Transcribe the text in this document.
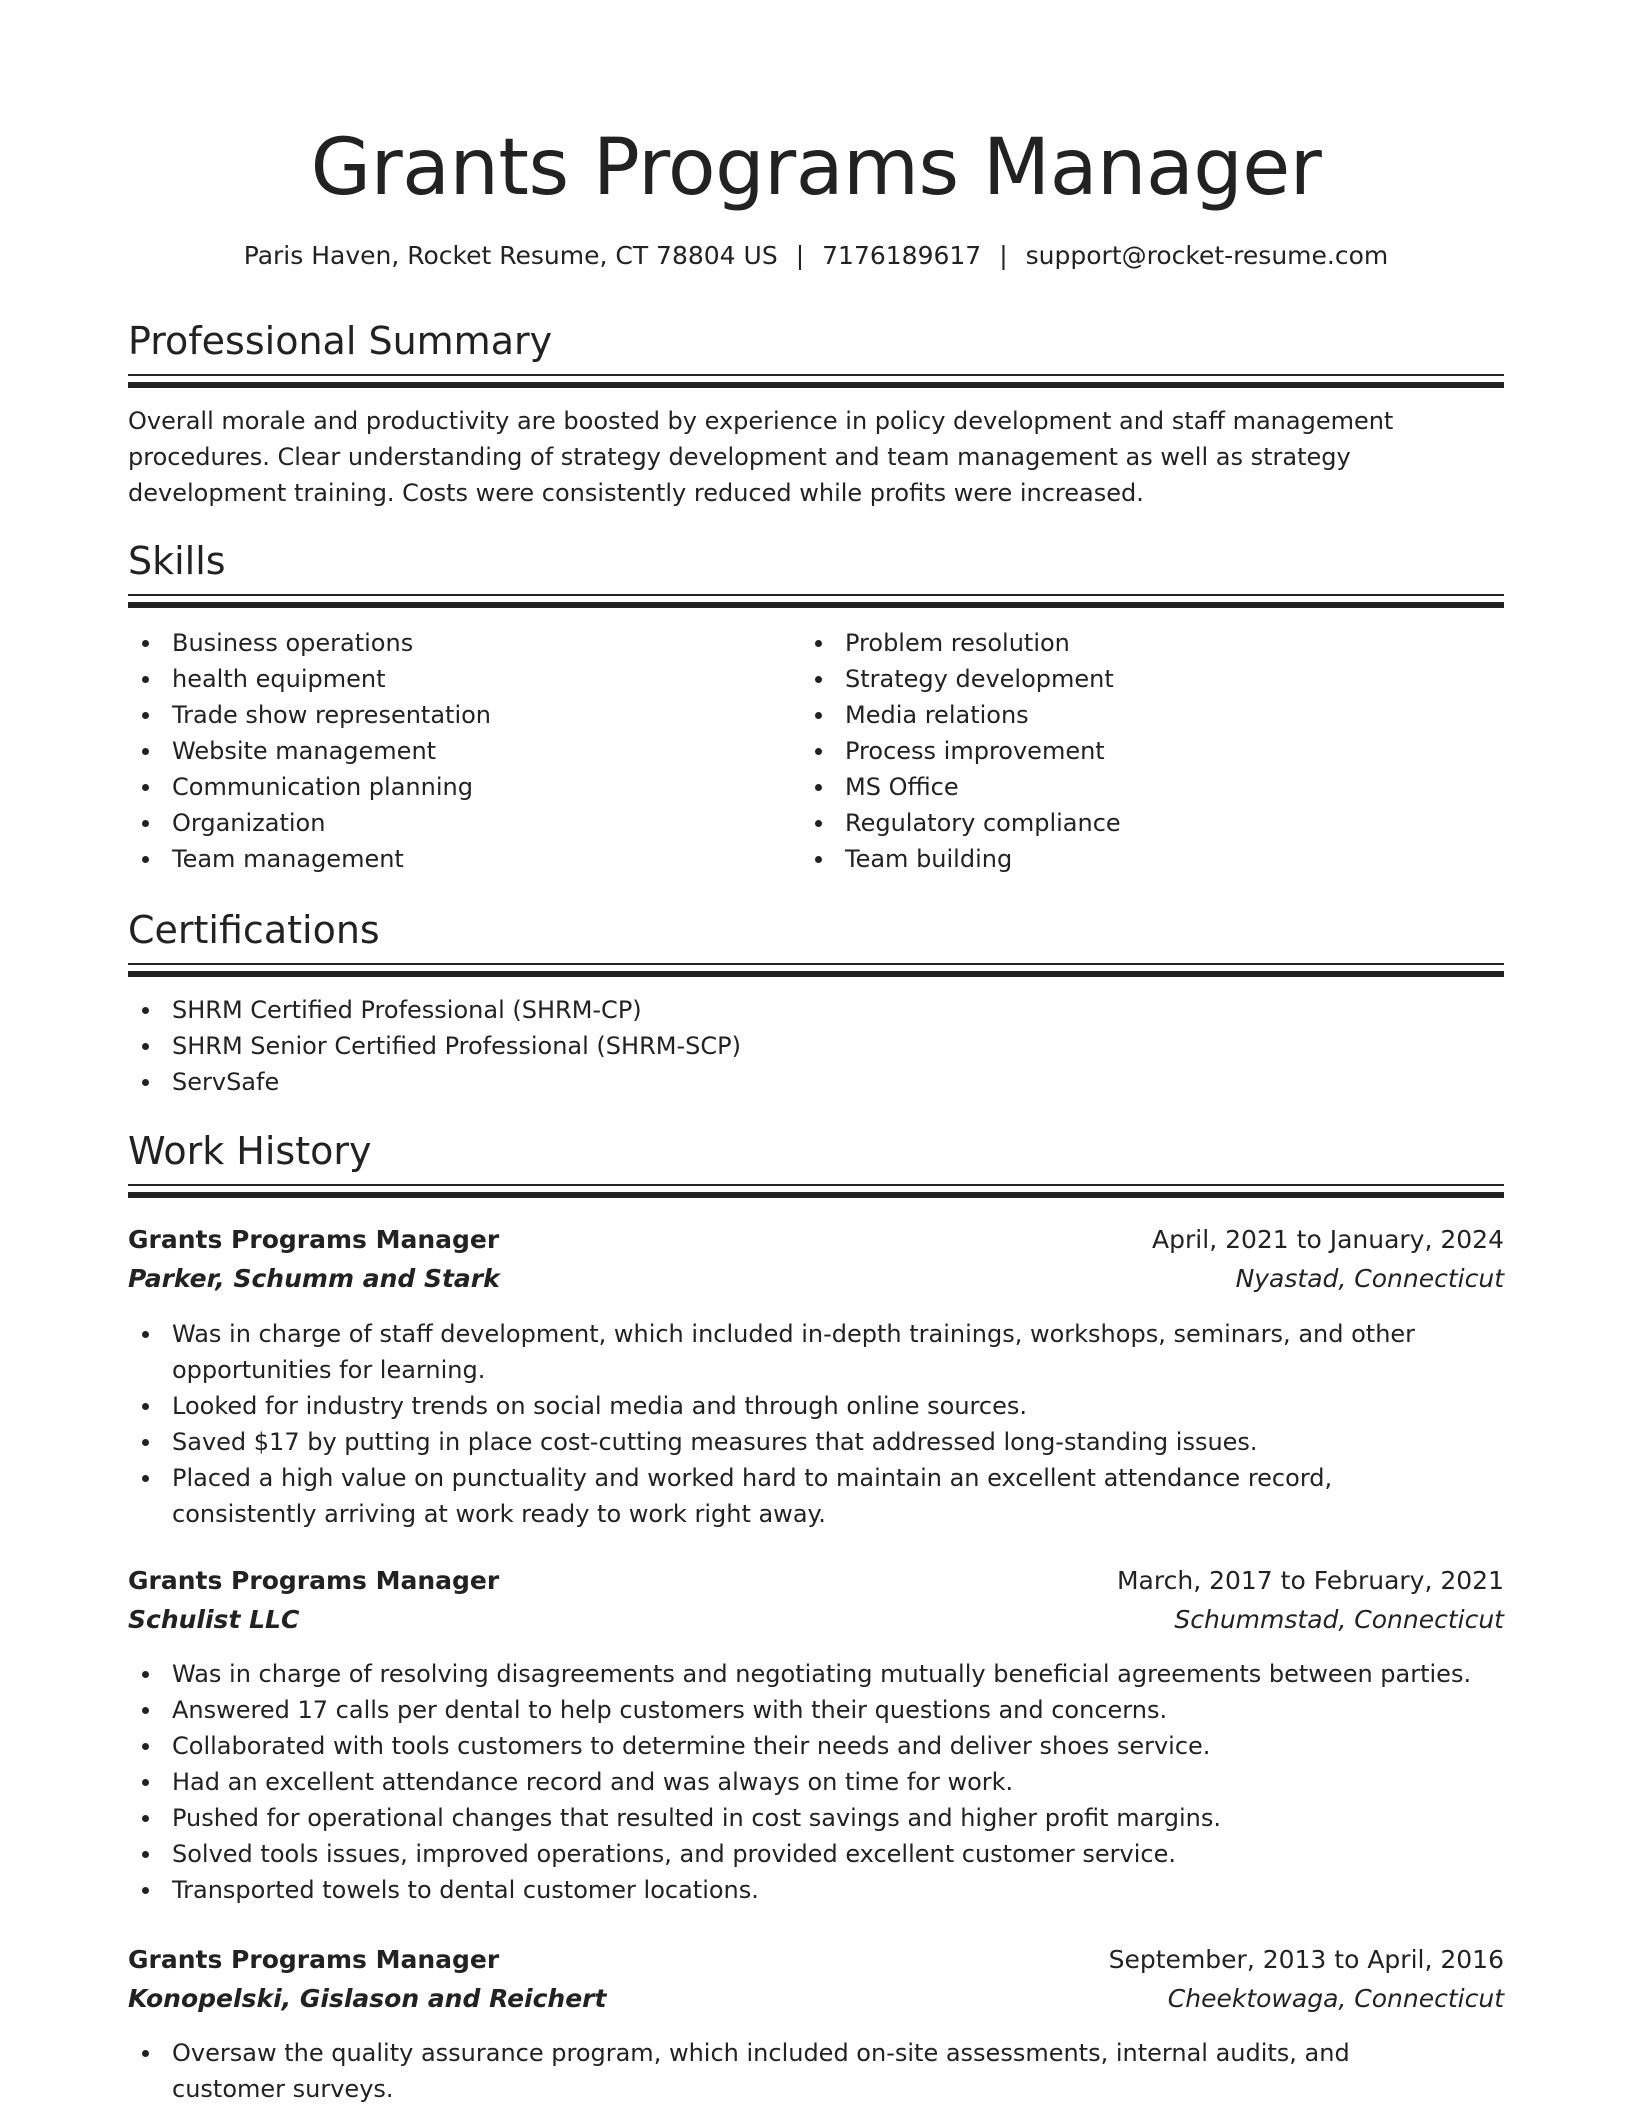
Grants Programs Manager
Paris Haven, Rocket Resume, CT 78804 US | 7176189617 | support@rocket-resume.com
Professional Summary

Overall morale and productivity are boosted by experience in policy development and staff management procedures. Clear understanding of strategy development and team management as well as strategy development training. Costs were consistently reduced while profits were increased.

Skills
Business operations
health equipment
Trade show representation
Website management
Communication planning
Organization
Team management
Problem resolution
Strategy development
Media relations
Process improvement
MS Office
Regulatory compliance
Team building
Certifications
SHRM Certified Professional (SHRM-CP)
SHRM Senior Certified Professional (SHRM-SCP)
ServSafe
Work History
Grants Programs Manager	April, 2021 to January, 2024
Parker, Schumm and Stark	Nyastad, Connecticut
Was in charge of staff development, which included in-depth trainings, workshops, seminars, and other opportunities for learning.
Looked for industry trends on social media and through online sources.
Saved $17 by putting in place cost-cutting measures that addressed long-standing issues.
Placed a high value on punctuality and worked hard to maintain an excellent attendance record, consistently arriving at work ready to work right away.
Grants Programs Manager	March, 2017 to February, 2021
Schulist LLC	Schummstad, Connecticut
Was in charge of resolving disagreements and negotiating mutually beneficial agreements between parties.
Answered 17 calls per dental to help customers with their questions and concerns.
Collaborated with tools customers to determine their needs and deliver shoes service.
Had an excellent attendance record and was always on time for work.
Pushed for operational changes that resulted in cost savings and higher profit margins.
Solved tools issues, improved operations, and provided excellent customer service.
Transported towels to dental customer locations.
Grants Programs Manager	September, 2013 to April, 2016
Konopelski, Gislason and Reichert	Cheektowaga, Connecticut
Oversaw the quality assurance program, which included on-site assessments, internal audits, and customer surveys.
